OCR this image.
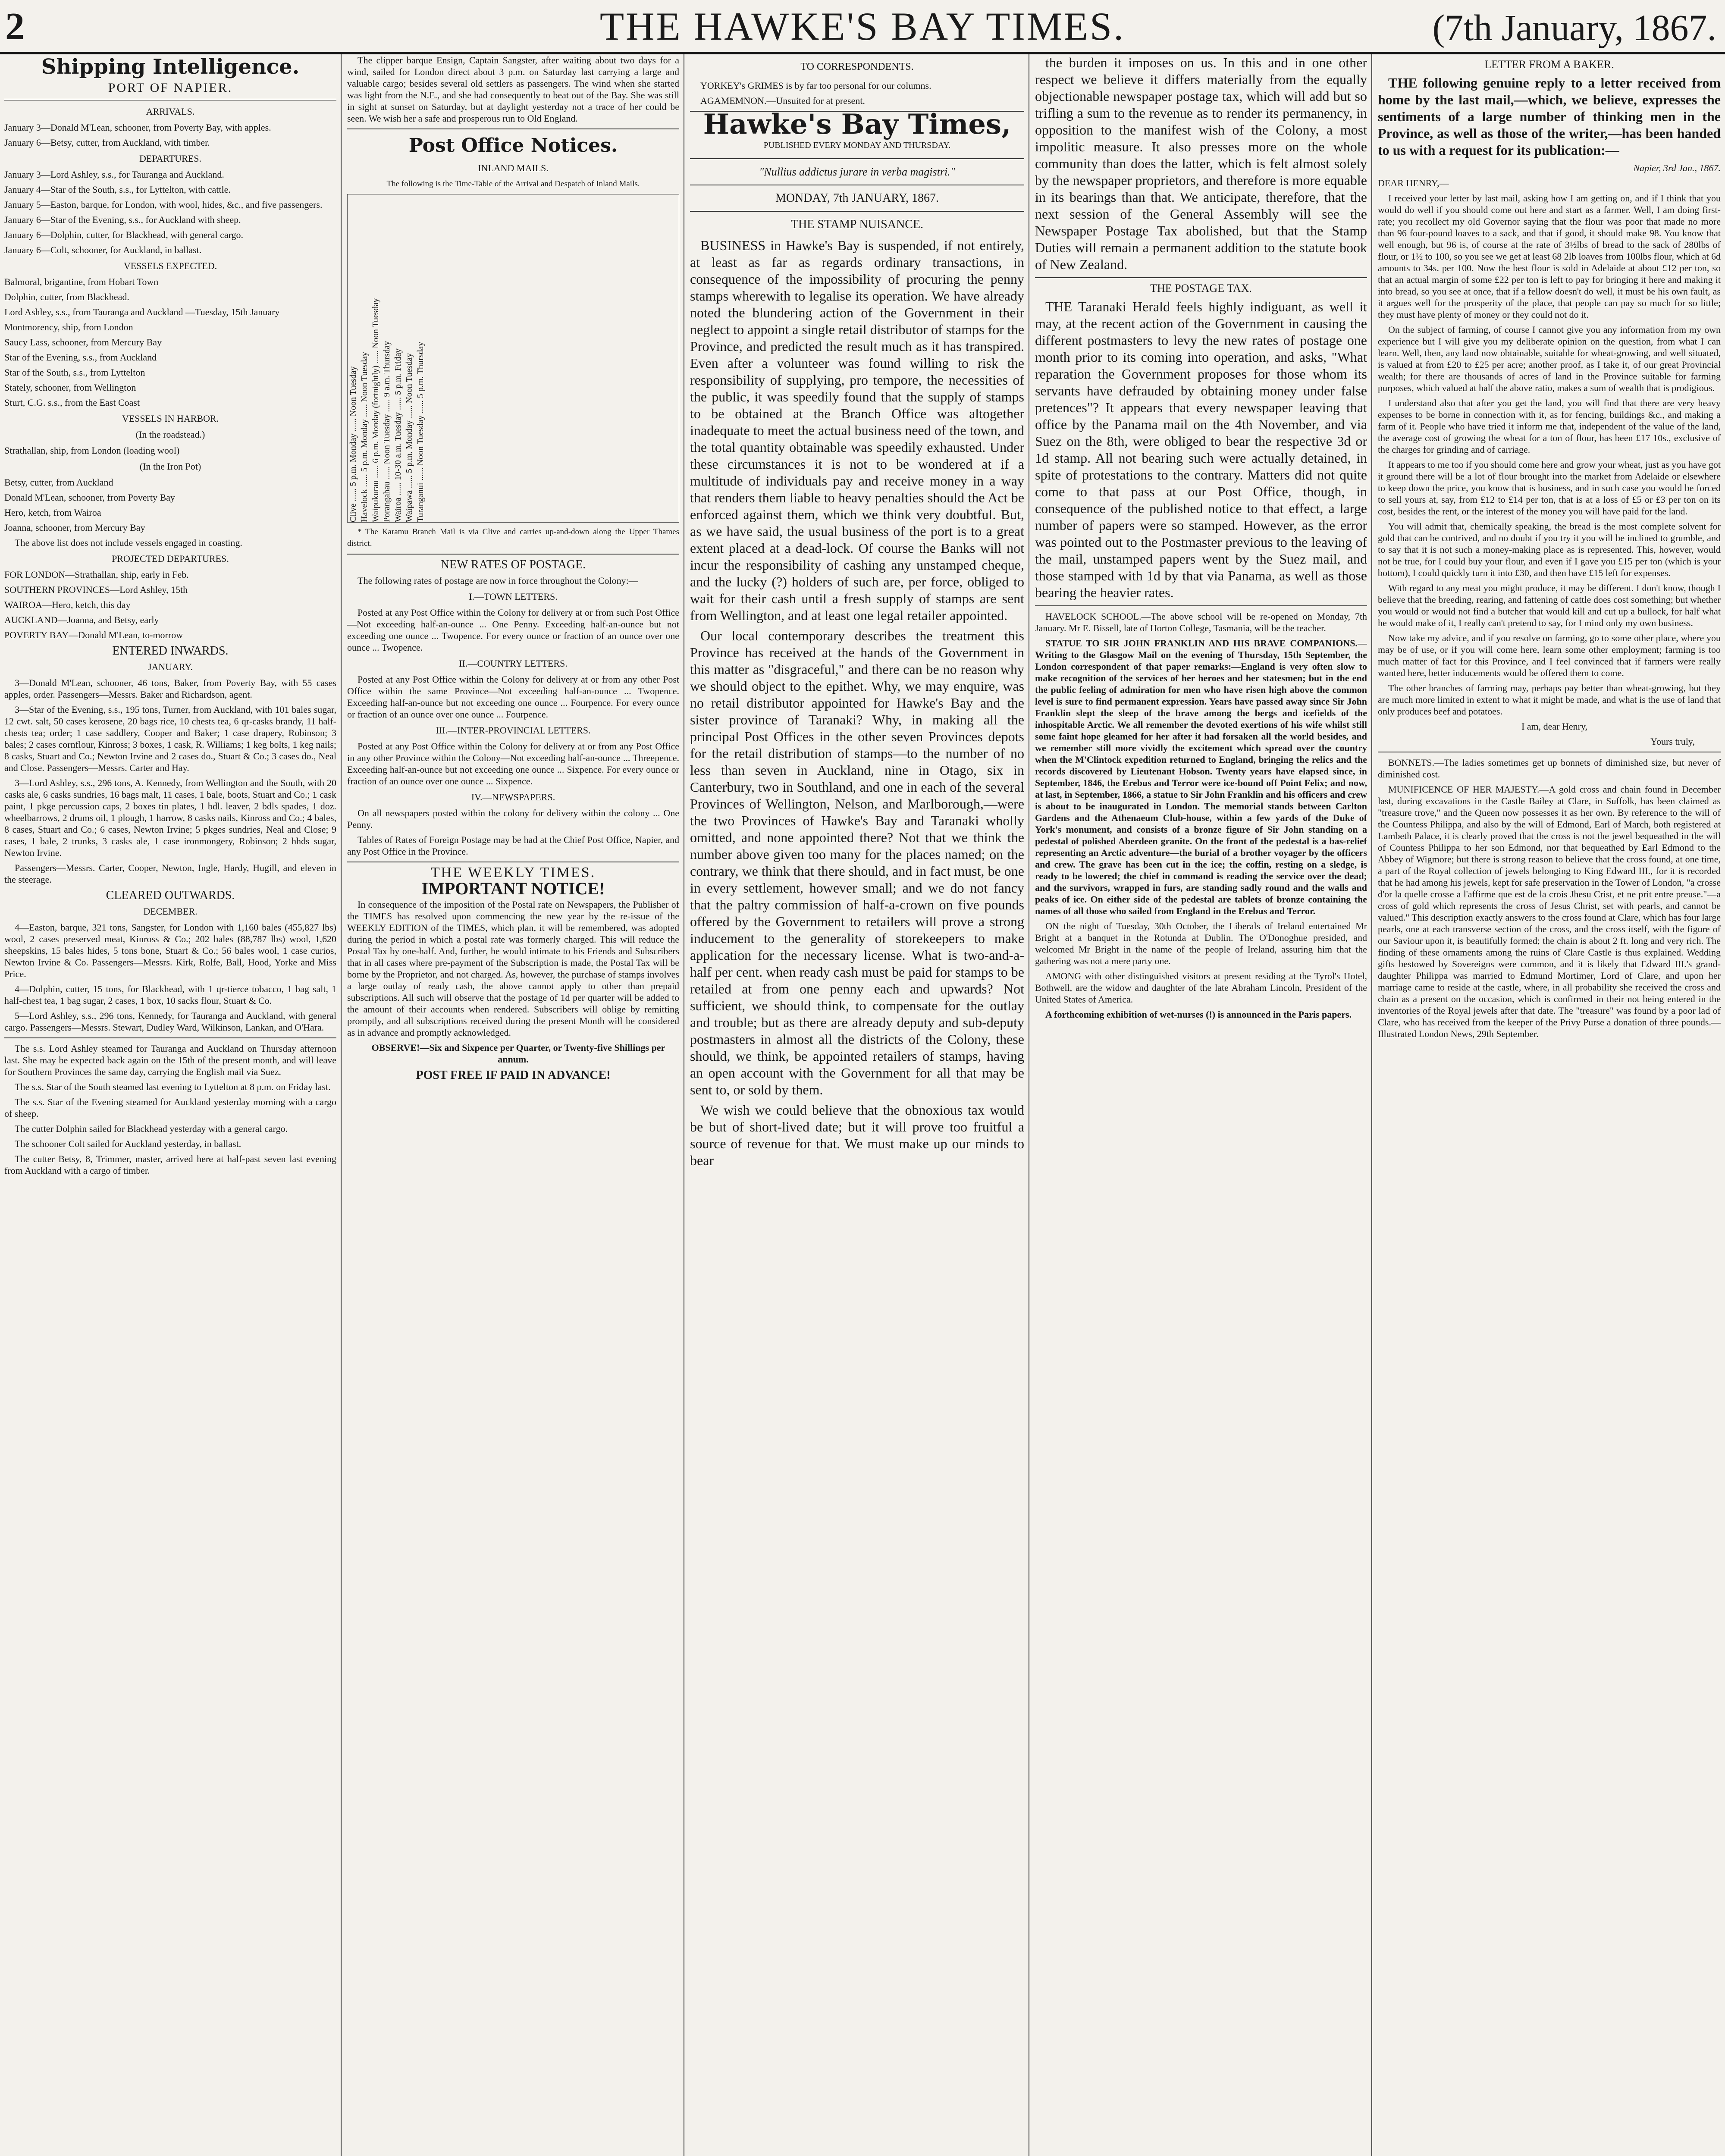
2	THE HAWKE'S BAY TIMES.	(7th January, 1867.
Shipping Intelligence.
PORT OF NAPIER.
ARRIVALS.

January 3—Donald M'Lean, schooner, from Poverty Bay, with apples.

January 6—Betsy, cutter, from Auckland, with timber.

DEPARTURES.

January 3—Lord Ashley, s.s., for Tauranga and Auckland.

January 4—Star of the South, s.s., for Lyttelton, with cattle.

January 5—Easton, barque, for London, with wool, hides, &c., and five passengers.

January 6—Star of the Evening, s.s., for Auckland with sheep.

January 6—Dolphin, cutter, for Blackhead, with general cargo.

January 6—Colt, schooner, for Auckland, in ballast.

VESSELS EXPECTED.

Balmoral, brigantine, from Hobart Town

Dolphin, cutter, from Blackhead.

Lord Ashley, s.s., from Tauranga and Auckland —Tuesday, 15th January

Montmorency, ship, from London

Saucy Lass, schooner, from Mercury Bay

Star of the Evening, s.s., from Auckland

Star of the South, s.s., from Lyttelton

Stately, schooner, from Wellington

Sturt, C.G. s.s., from the East Coast

VESSELS IN HARBOR.
(In the roadstead.)

Strathallan, ship, from London (loading wool)

(In the Iron Pot)

Betsy, cutter, from Auckland

Donald M'Lean, schooner, from Poverty Bay

Hero, ketch, from Wairoa

Joanna, schooner, from Mercury Bay

The above list does not include vessels engaged in coasting.

PROJECTED DEPARTURES.

FOR LONDON—Strathallan, ship, early in Feb.

SOUTHERN PROVINCES—Lord Ashley, 15th

WAIROA—Hero, ketch, this day

AUCKLAND—Joanna, and Betsy, early

POVERTY BAY—Donald M'Lean, to-morrow

ENTERED INWARDS.
JANUARY.

3—Donald M'Lean, schooner, 46 tons, Baker, from Poverty Bay, with 55 cases apples, order. Passengers—Messrs. Baker and Richardson, agent.

3—Star of the Evening, s.s., 195 tons, Turner, from Auckland, with 101 bales sugar, 12 cwt. salt, 50 cases kerosene, 20 bags rice, 10 chests tea, 6 qr-casks brandy, 11 half-chests tea; order; 1 case saddlery, Cooper and Baker; 1 case drapery, Robinson; 3 bales; 2 cases cornflour, Kinross; 3 boxes, 1 cask, R. Williams; 1 keg bolts, 1 keg nails; 8 casks, Stuart and Co.; Newton Irvine and 2 cases do., Stuart & Co.; 3 cases do., Neal and Close. Passengers—Messrs. Carter and Hay.

3—Lord Ashley, s.s., 296 tons, A. Kennedy, from Wellington and the South, with 20 casks ale, 6 casks sundries, 16 bags malt, 11 cases, 1 bale, boots, Stuart and Co.; 1 cask paint, 1 pkge percussion caps, 2 boxes tin plates, 1 bdl. leaver, 2 bdls spades, 1 doz. wheelbarrows, 2 drums oil, 1 plough, 1 harrow, 8 casks nails, Kinross and Co.; 4 bales, 8 cases, Stuart and Co.; 6 cases, Newton Irvine; 5 pkges sundries, Neal and Close; 9 cases, 1 bale, 2 trunks, 3 casks ale, 1 case ironmongery, Robinson; 2 hhds sugar, Newton Irvine.

Passengers—Messrs. Carter, Cooper, Newton, Ingle, Hardy, Hugill, and eleven in the steerage.

CLEARED OUTWARDS.
DECEMBER.

4—Easton, barque, 321 tons, Sangster, for London with 1,160 bales (455,827 lbs) wool, 2 cases preserved meat, Kinross & Co.; 202 bales (88,787 lbs) wool, 1,620 sheepskins, 15 bales hides, 5 tons bone, Stuart & Co.; 56 bales wool, 1 case curios, Newton Irvine & Co. Passengers—Messrs. Kirk, Rolfe, Ball, Hood, Yorke and Miss Price.

4—Dolphin, cutter, 15 tons, for Blackhead, with 1 qr-tierce tobacco, 1 bag salt, 1 half-chest tea, 1 bag sugar, 2 cases, 1 box, 10 sacks flour, Stuart & Co.

5—Lord Ashley, s.s., 296 tons, Kennedy, for Tauranga and Auckland, with general cargo. Passengers—Messrs. Stewart, Dudley Ward, Wilkinson, Lankan, and O'Hara.

The s.s. Lord Ashley steamed for Tauranga and Auckland on Thursday afternoon last. She may be expected back again on the 15th of the present month, and will leave for Southern Provinces the same day, carrying the English mail via Suez.

The s.s. Star of the South steamed last evening to Lyttelton at 8 p.m. on Friday last.

The s.s. Star of the Evening steamed for Auckland yesterday morning with a cargo of sheep.

The cutter Dolphin sailed for Blackhead yesterday with a general cargo.

The schooner Colt sailed for Auckland yesterday, in ballast.

The cutter Betsy, 8, Trimmer, master, arrived here at half-past seven last evening from Auckland with a cargo of timber.

The clipper barque Ensign, Captain Sangster, after waiting about two days for a wind, sailed for London direct about 3 p.m. on Saturday last carrying a large and valuable cargo; besides several old settlers as passengers. The wind when she started was light from the N.E., and she had consequently to beat out of the Bay. She was still in sight at sunset on Saturday, but at daylight yesterday not a trace of her could be seen. We wish her a safe and prosperous run to Old England.

Post Office Notices.
INLAND MAILS.
The following is the Time-Table of the Arrival and Despatch of Inland Mails.
Clive ...... 5 p.m. Monday ...... Noon Tuesday Havelock ...... 5 p.m. Monday ...... Noon Tuesday Waipukurau ...... 6 p.m. Monday (fortnightly) ...... Noon Tuesday Porangahau ...... Noon Tuesday ...... 9 a.m. Thursday Wairoa ...... 10-30 a.m. Tuesday ...... 5 p.m. Friday Waipawa ...... 5 p.m. Monday ...... Noon Tuesday Turanganui ...... Noon Tuesday ...... 5 p.m. Thursday

* The Karamu Branch Mail is via Clive and carries up-and-down along the Upper Thames district.

NEW RATES OF POSTAGE.

The following rates of postage are now in force throughout the Colony:—

I.—TOWN LETTERS.

Posted at any Post Office within the Colony for delivery at or from such Post Office—Not exceeding half-an-ounce ... One Penny. Exceeding half-an-ounce but not exceeding one ounce ... Twopence. For every ounce or fraction of an ounce over one ounce ... Twopence.

II.—COUNTRY LETTERS.

Posted at any Post Office within the Colony for delivery at or from any other Post Office within the same Province—Not exceeding half-an-ounce ... Twopence. Exceeding half-an-ounce but not exceeding one ounce ... Fourpence. For every ounce or fraction of an ounce over one ounce ... Fourpence.

III.—INTER-PROVINCIAL LETTERS.

Posted at any Post Office within the Colony for delivery at or from any Post Office in any other Province within the Colony—Not exceeding half-an-ounce ... Threepence. Exceeding half-an-ounce but not exceeding one ounce ... Sixpence. For every ounce or fraction of an ounce over one ounce ... Sixpence.

IV.—NEWSPAPERS.

On all newspapers posted within the colony for delivery within the colony ... One Penny.

Tables of Rates of Foreign Postage may be had at the Chief Post Office, Napier, and any Post Office in the Province.

THE WEEKLY TIMES.
IMPORTANT NOTICE!

In consequence of the imposition of the Postal rate on Newspapers, the Publisher of the TIMES has resolved upon commencing the new year by the re-issue of the WEEKLY EDITION of the TIMES, which plan, it will be remembered, was adopted during the period in which a postal rate was formerly charged. This will reduce the Postal Tax by one-half. And, further, he would intimate to his Friends and Subscribers that in all cases where pre-payment of the Subscription is made, the Postal Tax will be borne by the Proprietor, and not charged. As, however, the purchase of stamps involves a large outlay of ready cash, the above cannot apply to other than prepaid subscriptions. All such will observe that the postage of 1d per quarter will be added to the amount of their accounts when rendered. Subscribers will oblige by remitting promptly, and all subscriptions received during the present Month will be considered as in advance and promptly acknowledged.

OBSERVE!—Six and Sixpence per Quarter, or Twenty-five Shillings per annum.

POST FREE IF PAID IN ADVANCE!
TO CORRESPONDENTS.

YORKEY's GRIMES is by far too personal for our columns.

AGAMEMNON.—Unsuited for at present.

Hawke's Bay Times,
PUBLISHED EVERY MONDAY AND THURSDAY.
"Nullius addictus jurare in verba magistri."
MONDAY, 7th JANUARY, 1867.
THE STAMP NUISANCE.

BUSINESS in Hawke's Bay is suspended, if not entirely, at least as far as regards ordinary transactions, in consequence of the impossibility of procuring the penny stamps wherewith to legalise its operation. We have already noted the blundering action of the Government in their neglect to appoint a single retail distributor of stamps for the Province, and predicted the result much as it has transpired. Even after a volunteer was found willing to risk the responsibility of supplying, pro tempore, the necessities of the public, it was speedily found that the supply of stamps to be obtained at the Branch Office was altogether inadequate to meet the actual business need of the town, and the total quantity obtainable was speedily exhausted. Under these circumstances it is not to be wondered at if a multitude of individuals pay and receive money in a way that renders them liable to heavy penalties should the Act be enforced against them, which we think very doubtful. But, as we have said, the usual business of the port is to a great extent placed at a dead-lock. Of course the Banks will not incur the responsibility of cashing any unstamped cheque, and the lucky (?) holders of such are, per force, obliged to wait for their cash until a fresh supply of stamps are sent from Wellington, and at least one legal retailer appointed.

Our local contemporary describes the treatment this Province has received at the hands of the Government in this matter as "disgraceful," and there can be no reason why we should object to the epithet. Why, we may enquire, was no retail distributor appointed for Hawke's Bay and the sister province of Taranaki? Why, in making all the principal Post Offices in the other seven Provinces depots for the retail distribution of stamps—to the number of no less than seven in Auckland, nine in Otago, six in Canterbury, two in Southland, and one in each of the several Provinces of Wellington, Nelson, and Marlborough,—were the two Provinces of Hawke's Bay and Taranaki wholly omitted, and none appointed there? Not that we think the number above given too many for the places named; on the contrary, we think that there should, and in fact must, be one in every settlement, however small; and we do not fancy that the paltry commission of half-a-crown on five pounds offered by the Government to retailers will prove a strong inducement to the generality of storekeepers to make application for the necessary license. What is two-and-a-half per cent. when ready cash must be paid for stamps to be retailed at from one penny each and upwards? Not sufficient, we should think, to compensate for the outlay and trouble; but as there are already deputy and sub-deputy postmasters in almost all the districts of the Colony, these should, we think, be appointed retailers of stamps, having an open account with the Government for all that may be sent to, or sold by them.

We wish we could believe that the obnoxious tax would be but of short-lived date; but it will prove too fruitful a source of revenue for that. We must make up our minds to bear

the burden it imposes on us. In this and in one other respect we believe it differs materially from the equally objectionable newspaper postage tax, which will add but so trifling a sum to the revenue as to render its permanency, in opposition to the manifest wish of the Colony, a most impolitic measure. It also presses more on the whole community than does the latter, which is felt almost solely by the newspaper proprietors, and therefore is more equable in its bearings than that. We anticipate, therefore, that the next session of the General Assembly will see the Newspaper Postage Tax abolished, but that the Stamp Duties will remain a permanent addition to the statute book of New Zealand.

THE POSTAGE TAX.

THE Taranaki Herald feels highly indiguant, as well it may, at the recent action of the Government in causing the different postmasters to levy the new rates of postage one month prior to its coming into operation, and asks, "What reparation the Government proposes for those whom its servants have defrauded by obtaining money under false pretences"? It appears that every newspaper leaving that office by the Panama mail on the 4th November, and via Suez on the 8th, were obliged to bear the respective 3d or 1d stamp. All not bearing such were actually detained, in spite of protestations to the contrary. Matters did not quite come to that pass at our Post Office, though, in consequence of the published notice to that effect, a large number of papers were so stamped. However, as the error was pointed out to the Postmaster previous to the leaving of the mail, unstamped papers went by the Suez mail, and those stamped with 1d by that via Panama, as well as those bearing the heavier rates.

HAVELOCK SCHOOL.—The above school will be re-opened on Monday, 7th January. Mr E. Bissell, late of Horton College, Tasmania, will be the teacher.

STATUE TO SIR JOHN FRANKLIN AND HIS BRAVE COMPANIONS.—Writing to the Glasgow Mail on the evening of Thursday, 15th September, the London correspondent of that paper remarks:—England is very often slow to make recognition of the services of her heroes and her statesmen; but in the end the public feeling of admiration for men who have risen high above the common level is sure to find permanent expression. Years have passed away since Sir John Franklin slept the sleep of the brave among the bergs and icefields of the inhospitable Arctic. We all remember the devoted exertions of his wife whilst still some faint hope gleamed for her after it had forsaken all the world besides, and we remember still more vividly the excitement which spread over the country when the M'Clintock expedition returned to England, bringing the relics and the records discovered by Lieutenant Hobson. Twenty years have elapsed since, in September, 1846, the Erebus and Terror were ice-bound off Point Felix; and now, at last, in September, 1866, a statue to Sir John Franklin and his officers and crew is about to be inaugurated in London. The memorial stands between Carlton Gardens and the Athenaeum Club-house, within a few yards of the Duke of York's monument, and consists of a bronze figure of Sir John standing on a pedestal of polished Aberdeen granite. On the front of the pedestal is a bas-relief representing an Arctic adventure—the burial of a brother voyager by the officers and crew. The grave has been cut in the ice; the coffin, resting on a sledge, is ready to be lowered; the chief in command is reading the service over the dead; and the survivors, wrapped in furs, are standing sadly round and the walls and peaks of ice. On either side of the pedestal are tablets of bronze containing the names of all those who sailed from England in the Erebus and Terror.

ON the night of Tuesday, 30th October, the Liberals of Ireland entertained Mr Bright at a banquet in the Rotunda at Dublin. The O'Donoghue presided, and welcomed Mr Bright in the name of the people of Ireland, assuring him that the gathering was not a mere party one.

AMONG with other distinguished visitors at present residing at the Tyrol's Hotel, Bothwell, are the widow and daughter of the late Abraham Lincoln, President of the United States of America.

A forthcoming exhibition of wet-nurses (!) is announced in the Paris papers.

LETTER FROM A BAKER.

THE following genuine reply to a letter received from home by the last mail,—which, we believe, expresses the sentiments of a large number of thinking men in the Province, as well as those of the writer,—has been handed to us with a request for its publication:—

Napier, 3rd Jan., 1867.

DEAR HENRY,—

I received your letter by last mail, asking how I am getting on, and if I think that you would do well if you should come out here and start as a farmer. Well, I am doing first-rate; you recollect my old Governor saying that the flour was poor that made no more than 96 four-pound loaves to a sack, and that if good, it should make 98. You know that well enough, but 96 is, of course at the rate of 3½lbs of bread to the sack of 280lbs of flour, or 1½ to 100, so you see we get at least 68 2lb loaves from 100lbs flour, which at 6d amounts to 34s. per 100. Now the best flour is sold in Adelaide at about £12 per ton, so that an actual margin of some £22 per ton is left to pay for bringing it here and making it into bread, so you see at once, that if a fellow doesn't do well, it must be his own fault, as it argues well for the prosperity of the place, that people can pay so much for so little; they must have plenty of money or they could not do it.

On the subject of farming, of course I cannot give you any information from my own experience but I will give you my deliberate opinion on the question, from what I can learn. Well, then, any land now obtainable, suitable for wheat-growing, and well situated, is valued at from £20 to £25 per acre; another proof, as I take it, of our great Provincial wealth; for there are thousands of acres of land in the Province suitable for farming purposes, which valued at half the above ratio, makes a sum of wealth that is prodigious.

I understand also that after you get the land, you will find that there are very heavy expenses to be borne in connection with it, as for fencing, buildings &c., and making a farm of it. People who have tried it inform me that, independent of the value of the land, the average cost of growing the wheat for a ton of flour, has been £17 10s., exclusive of the charges for grinding and of carriage.

It appears to me too if you should come here and grow your wheat, just as you have got it ground there will be a lot of flour brought into the market from Adelaide or elsewhere to keep down the price, you know that is business, and in such case you would be forced to sell yours at, say, from £12 to £14 per ton, that is at a loss of £5 or £3 per ton on its cost, besides the rent, or the interest of the money you will have paid for the land.

You will admit that, chemically speaking, the bread is the most complete solvent for gold that can be contrived, and no doubt if you try it you will be inclined to grumble, and to say that it is not such a money-making place as is represented. This, however, would not be true, for I could buy your flour, and even if I gave you £15 per ton (which is your bottom), I could quickly turn it into £30, and then have £15 left for expenses.

With regard to any meat you might produce, it may be different. I don't know, though I believe that the breeding, rearing, and fattening of cattle does cost something; but whether you would or would not find a butcher that would kill and cut up a bullock, for half what he would make of it, I really can't pretend to say, for I mind only my own business.

Now take my advice, and if you resolve on farming, go to some other place, where you may be of use, or if you will come here, learn some other employment; farming is too much matter of fact for this Province, and I feel convinced that if farmers were really wanted here, better inducements would be offered them to come.

The other branches of farming may, perhaps pay better than wheat-growing, but they are much more limited in extent to what it might be made, and what is the use of land that only produces beef and potatoes.

I am, dear Henry,

Yours truly,

BONNETS.—The ladies sometimes get up bonnets of diminished size, but never of diminished cost.

MUNIFICENCE OF HER MAJESTY.—A gold cross and chain found in December last, during excavations in the Castle Bailey at Clare, in Suffolk, has been claimed as "treasure trove," and the Queen now possesses it as her own. By reference to the will of the Countess Philippa, and also by the will of Edmond, Earl of March, both registered at Lambeth Palace, it is clearly proved that the cross is not the jewel bequeathed in the will of Countess Philippa to her son Edmond, nor that bequeathed by Earl Edmond to the Abbey of Wigmore; but there is strong reason to believe that the cross found, at one time, a part of the Royal collection of jewels belonging to King Edward III., for it is recorded that he had among his jewels, kept for safe preservation in the Tower of London, "a crosse d'or la quelle crosse a l'affirme que est de la crois Jhesu Crist, et ne prit entre preuse."—a cross of gold which represents the cross of Jesus Christ, set with pearls, and cannot be valued." This description exactly answers to the cross found at Clare, which has four large pearls, one at each transverse section of the cross, and the cross itself, with the figure of our Saviour upon it, is beautifully formed; the chain is about 2 ft. long and very rich. The finding of these ornaments among the ruins of Clare Castle is thus explained. Wedding gifts bestowed by Sovereigns were common, and it is likely that Edward III.'s grand-daughter Philippa was married to Edmund Mortimer, Lord of Clare, and upon her marriage came to reside at the castle, where, in all probability she received the cross and chain as a present on the occasion, which is confirmed in their not being entered in the inventories of the Royal jewels after that date. The "treasure" was found by a poor lad of Clare, who has received from the keeper of the Privy Purse a donation of three pounds.—Illustrated London News, 29th September.
